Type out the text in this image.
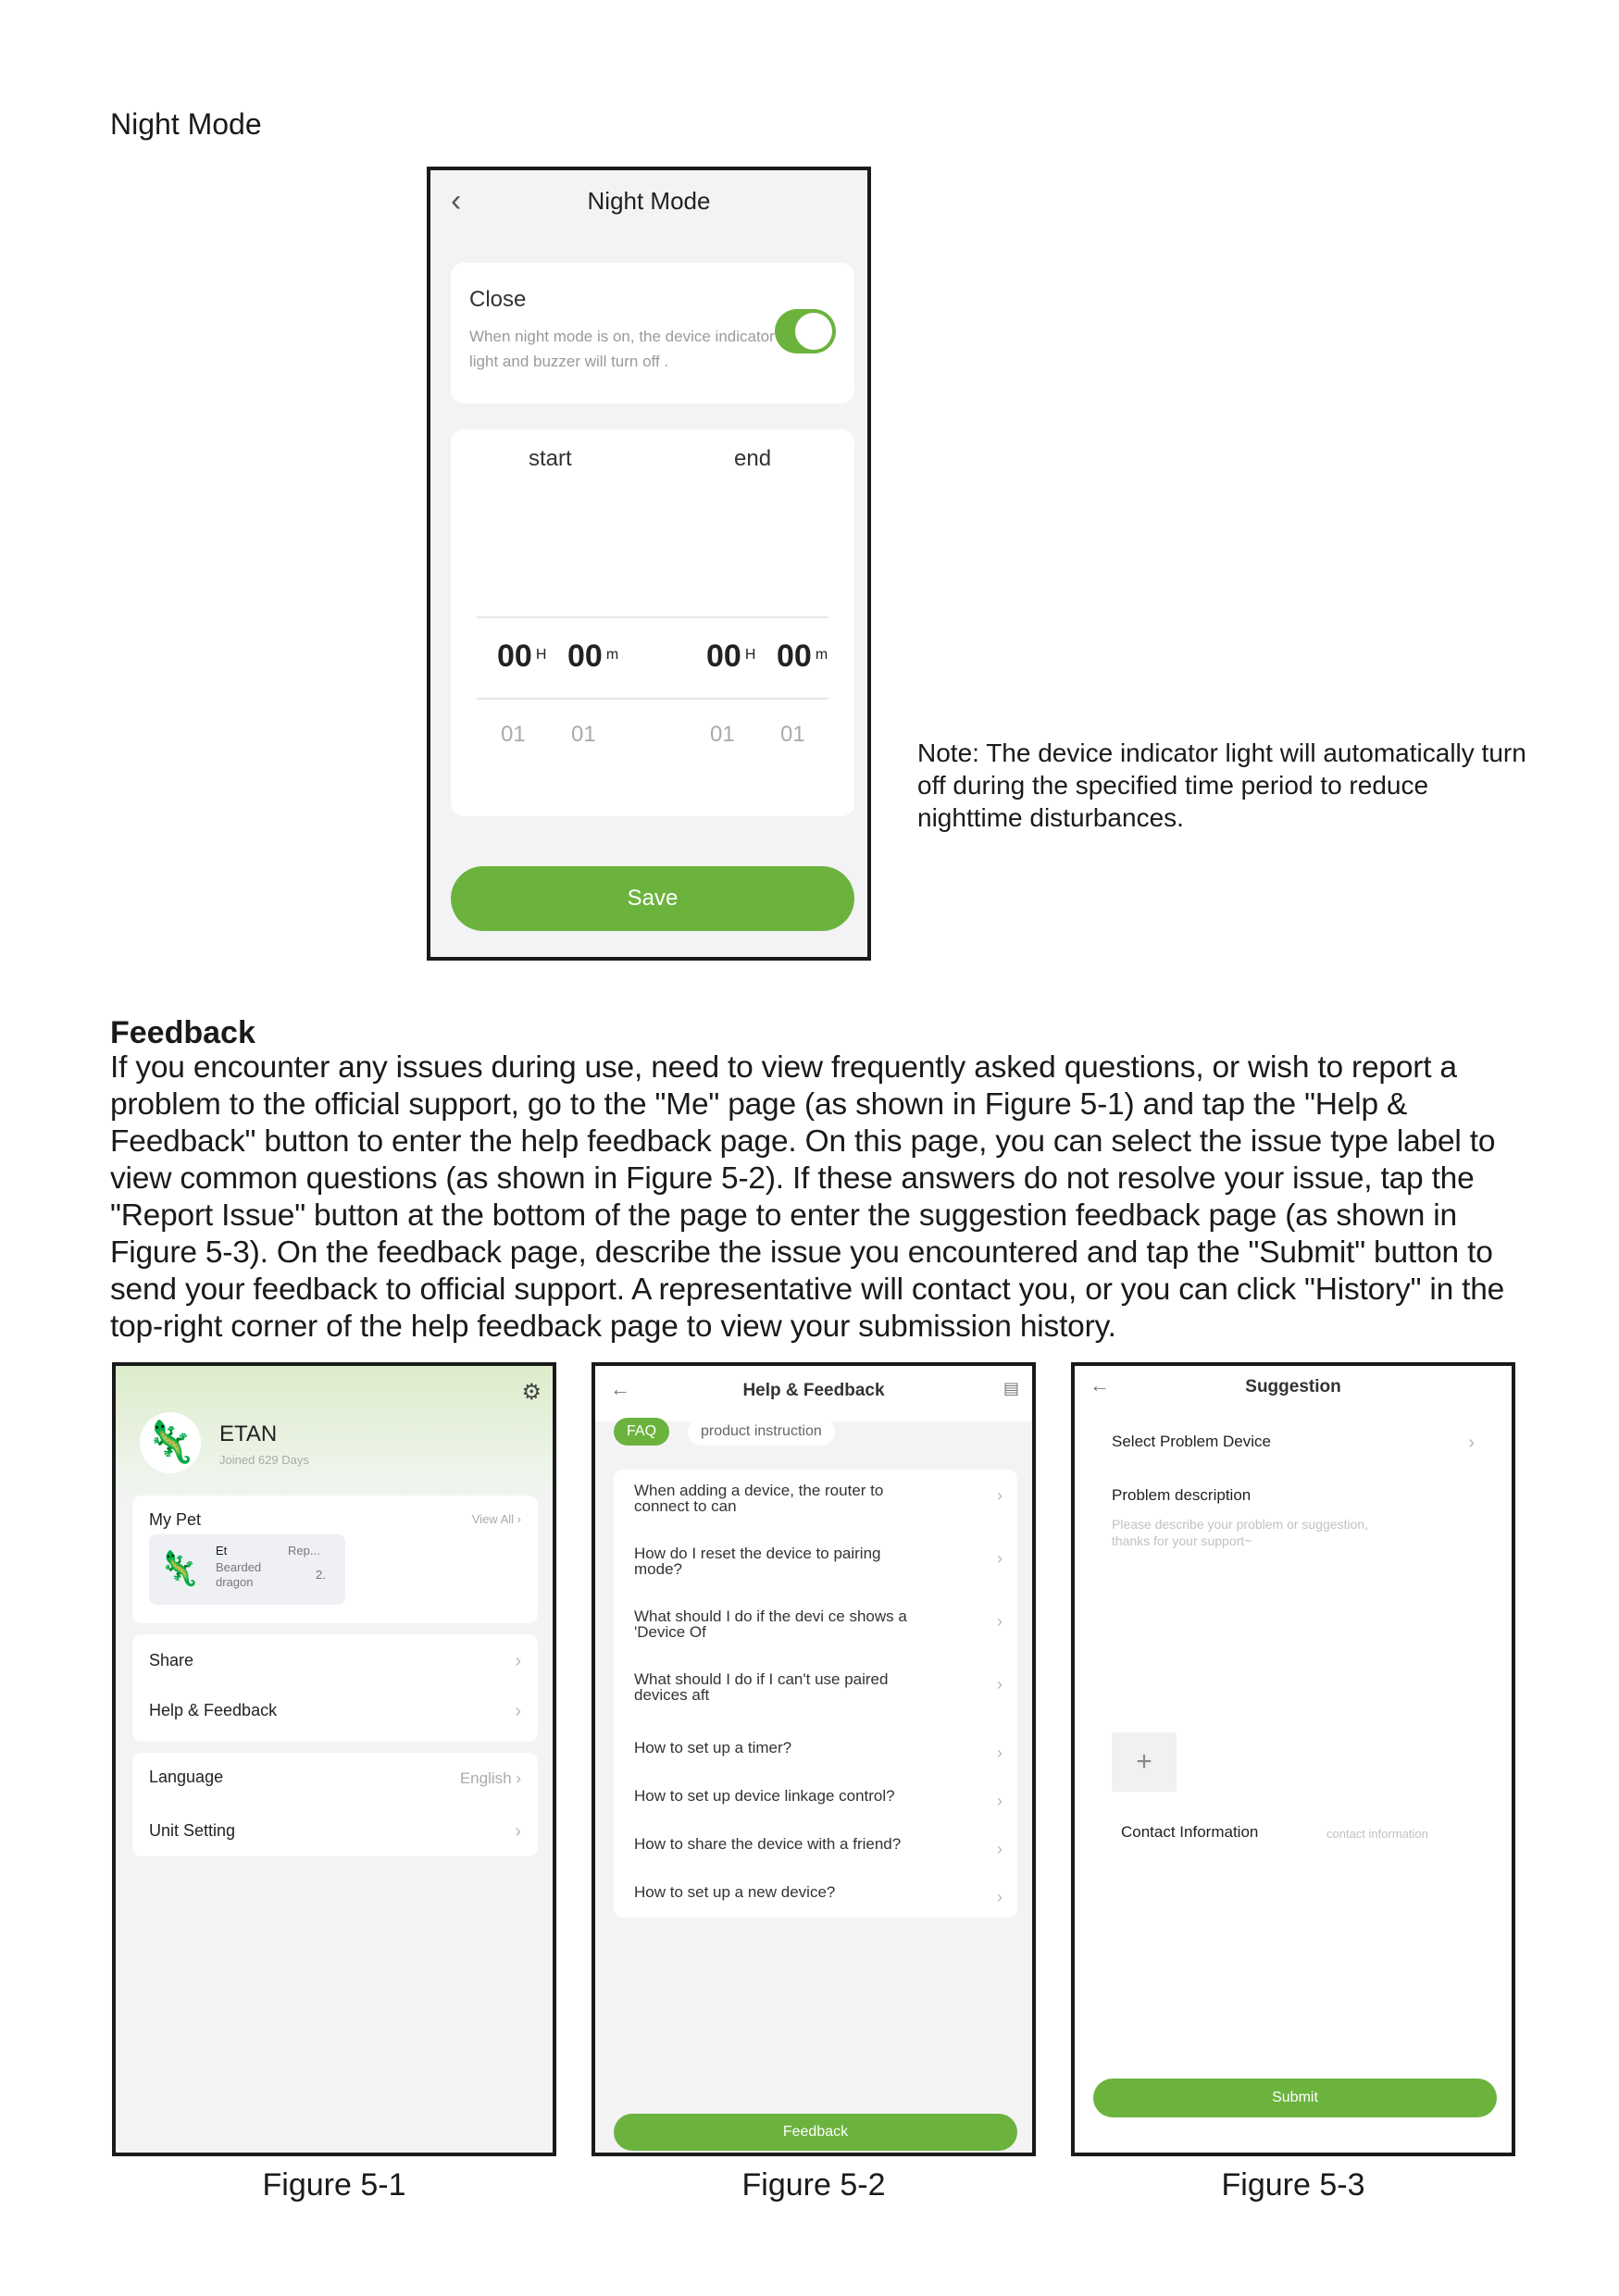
Night Mode
‹	Night Mode
Close
When night mode is on, the device indicator light and buzzer will turn off .
start	end
00 $^H$ 00 $^m$	00 $^H$ 00 $^m$
01 01	01 01
Save
Note: The device indicator light will automatically turn off during the specified time period to reduce nighttime disturbances.
Feedback
If you encounter any issues during use, need to view frequently asked questions, or wish to report a problem to the official support, go to the "Me" page (as shown in Figure 5-1) and tap the "Help & Feedback" button to enter the help feedback page. On this page, you can select the issue type label to view common questions (as shown in Figure 5-2). If these answers do not resolve your issue, tap the "Report Issue" button at the bottom of the page to enter the suggestion feedback page (as shown in Figure 5-3). On the feedback page, describe the issue you encountered and tap the "Submit" button to send your feedback to official support. A representative will contact you, or you can click "History" in the top-right corner of the help feedback page to view your submission history.
⚙
🦎 ETAN
Joined 629 Days
My Pet	View All ›
🦎 Et
Bearded
dragon
Rep...
2.
Share	›
Help & Feedback	›
Language	English ›
Unit Setting	›
Figure 5-1
←	Help & Feedback	▤
FAQ	product instruction
When adding a device, the router to
connect to can
›
How do I reset the device to pairing
mode?
›
What should I do if the devi ce shows a
'Device Of
›
What should I do if I can't use paired
devices aft
›
How to set up a timer?	›
How to set up device linkage control?	›
How to share the device with a friend?	›
How to set up a new device?	›
Feedback
Figure 5-2
←	Suggestion
Select Problem Device	›
Problem description
Please describe your problem or suggestion,
thanks for your support~
+
Contact Information	contact information
Submit
Figure 5-3
